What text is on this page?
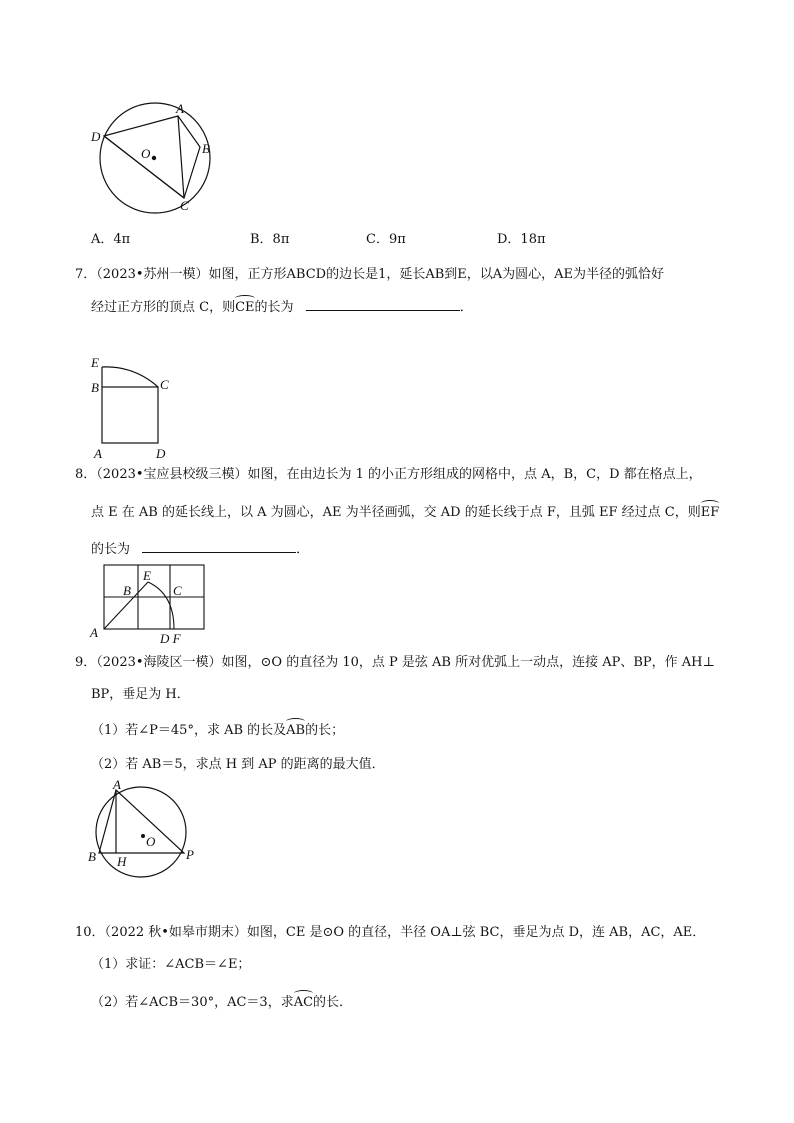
D
A
B
C
O
A．4π	B．8π	C．9π	D．18π
7．（2023•苏州一模）如图，正方形ABCD的边长是1，延长AB到E，以A为圆心，AE为半径的弧恰好
经过正方形的顶点 C，则CE的长为	．
E
B	C
A	D
8．（2023•宝应县校级三模）如图，在由边长为 1 的小正方形组成的网格中，点 A，B，C，D 都在格点上，
点 E 在 AB 的延长线上，以 A 为圆心，AE 为半径画弧，交 AD 的延长线于点 F，且弧 EF 经过点 C，则EF
的长为	．
A
B
E
C
D F
9．（2023•海陵区一模）如图，⊙O 的直径为 10，点 P 是弦 AB 所对优弧上一动点，连接 AP、BP，作 AH⊥
BP，垂足为 H．
（1）若∠P＝45°，求 AB 的长及AB的长；
（2）若 AB＝5，求点 H 到 AP 的距离的最大值．
A
B H
O
P
10．（2022 秋•如皋市期末）如图，CE 是⊙O 的直径，半径 OA⊥弦 BC，垂足为点 D，连 AB，AC，AE．
（1）求证：∠ACB＝∠E；
（2）若∠ACB＝30°，AC＝3，求AC的长．
